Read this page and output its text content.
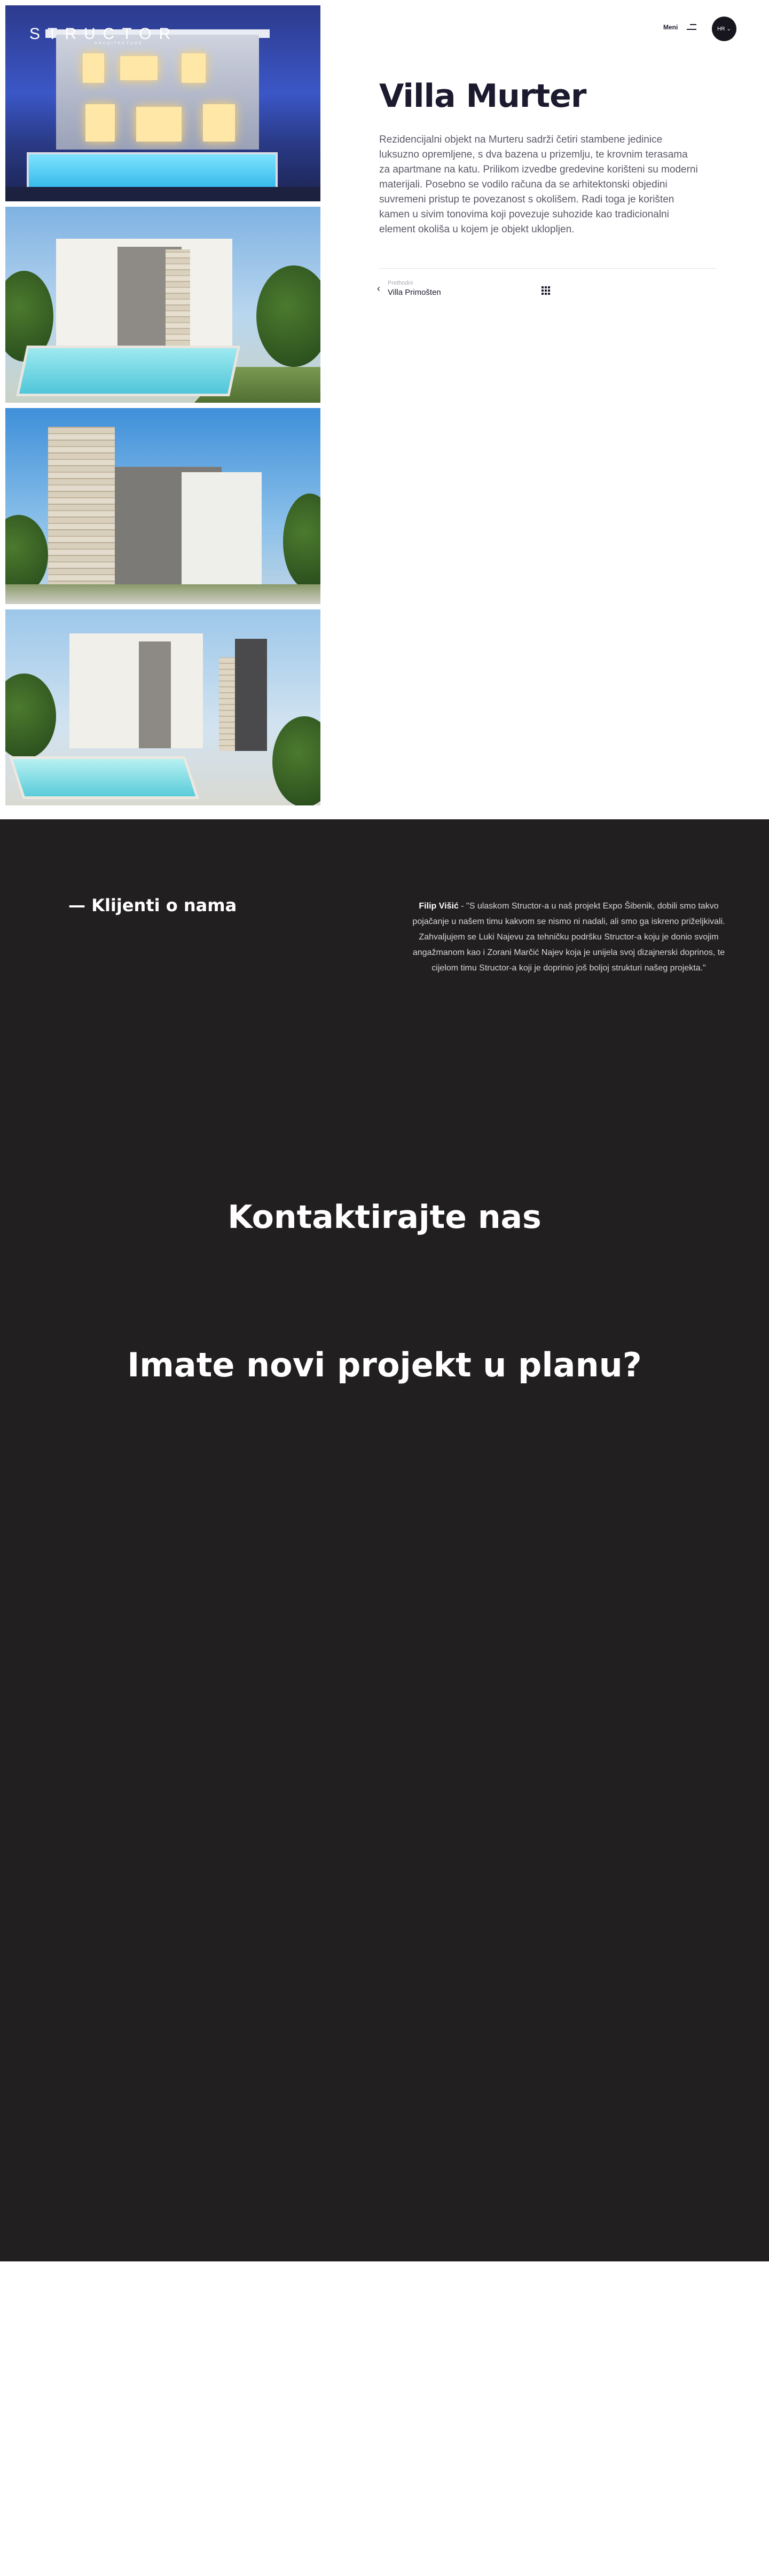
STRUCTOR
ARCHITECTURE
Meni	HR ⌄
Villa Murter

Rezidencijalni objekt na Murteru sadrži četiri stambene jedinice luksuzno opremljene, s dva bazena u prizemlju, te krovnim terasama za apartmane na katu. Prilikom izvedbe gredevine korišteni su moderni materijali. Posebno se vodilo računa da se arhitektonski objedini suvremeni pristup te povezanost s okolišem. Radi toga je korišten kamen u sivim tonovima koji povezuje suhozide kao tradicionalni element okoliša u kojem je objekt uklopljen.

‹ Prethodni
Villa Primošten
— Klijenti o nama	Filip Višić - "S ulaskom Structor-a u naš projekt Expo Šibenik, dobili smo takvo pojačanje u našem timu kakvom se nismo ni nadali, ali smo ga iskreno priželjkivali. Zahvaljujem se Luki Najevu za tehničku podršku Structor-a koju je donio svojim angažmanom kao i Zorani Marčić Najev koja je unijela svoj dizajnerski doprinos, te cijelom timu Structor-a koji je doprinio još boljoj strukturi našeg projekta."

Kontaktirajte nas
Imate novi projekt u planu?
